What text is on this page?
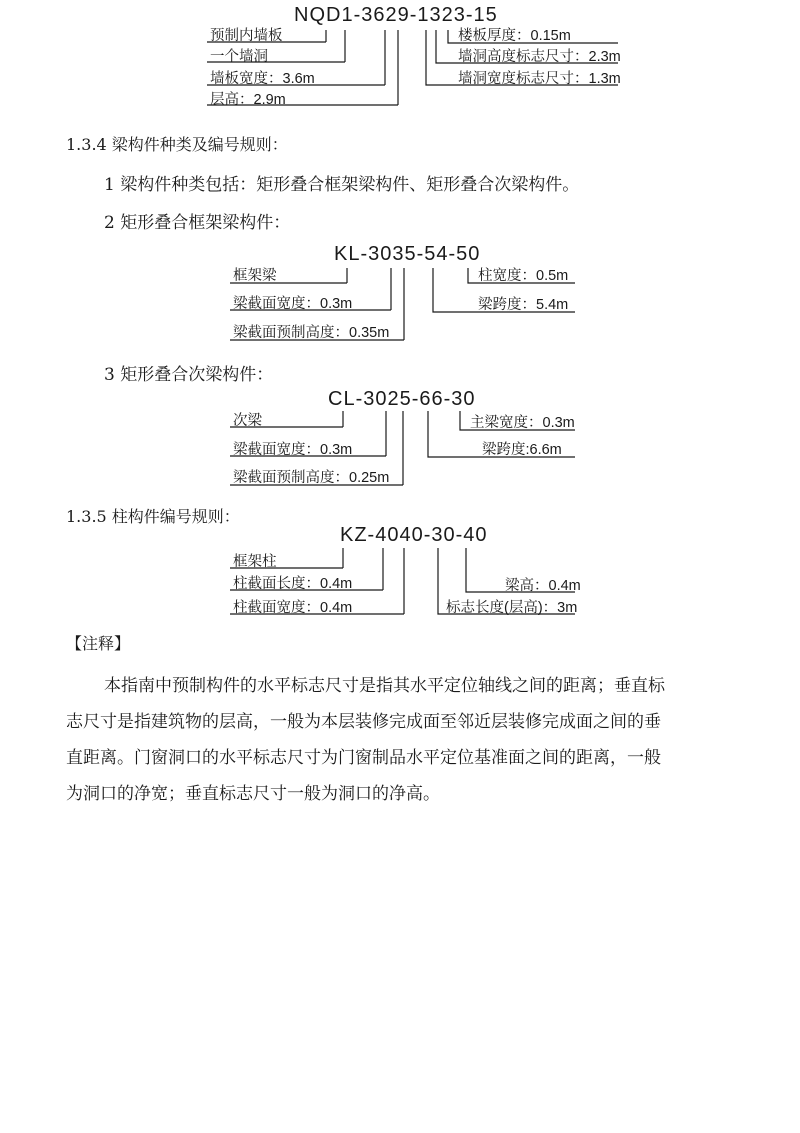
NQD1-3629-1323-15
预制内墙板
一个墙洞
墙板宽度：3.6m
层高：2.9m
楼板厚度：0.15m
墙洞高度标志尺寸：2.3m
墙洞宽度标志尺寸：1.3m
1.3.4 梁构件种类及编号规则：
1 梁构件种类包括：矩形叠合框架梁构件、矩形叠合次梁构件。
2 矩形叠合框架梁构件：
KL-3035-54-50
框架梁
梁截面宽度：0.3m
梁截面预制高度：0.35m
柱宽度：0.5m
梁跨度：5.4m
3 矩形叠合次梁构件：
CL-3025-66-30
次梁
梁截面宽度：0.3m
梁截面预制高度：0.25m
主梁宽度：0.3m
梁跨度:6.6m
1.3.5 柱构件编号规则：
KZ-4040-30-40
框架柱
柱截面长度：0.4m
柱截面宽度：0.4m
梁高：0.4m
标志长度(层高)：3m
【注释】
本指南中预制构件的水平标志尺寸是指其水平定位轴线之间的距离；垂直标
志尺寸是指建筑物的层高，一般为本层装修完成面至邻近层装修完成面之间的垂
直距离。门窗洞口的水平标志尺寸为门窗制品水平定位基准面之间的距离，一般
为洞口的净宽；垂直标志尺寸一般为洞口的净高。
